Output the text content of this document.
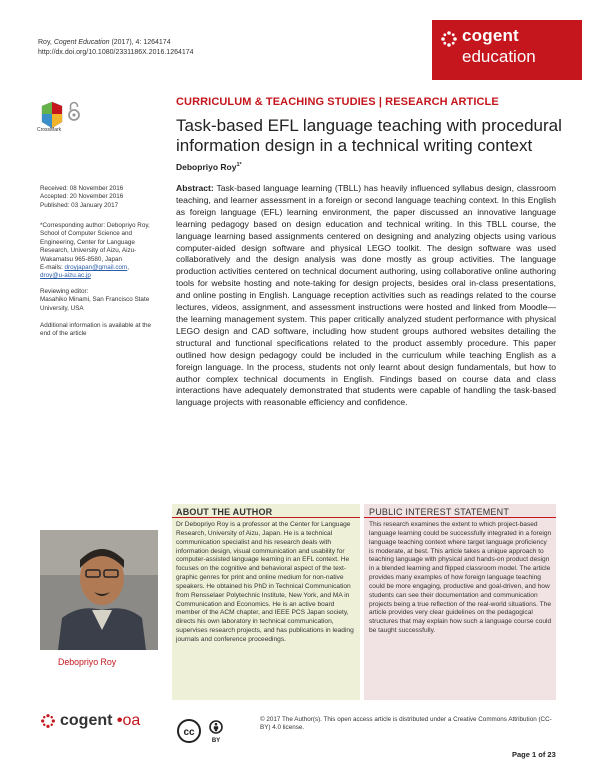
Roy, Cogent Education (2017), 4: 1264174
http://dx.doi.org/10.1080/2331186X.2016.1264174
cogent
education
CrossMark
Received: 08 November 2016
Accepted: 20 November 2016
Published: 03 January 2017
*Corresponding author: Debopriyo Roy, School of Computer Science and Engineering, Center for Language Research, University of Aizu, Aizu-Wakamatsu 965-8580, Japan
E-mails: droyjapan@gmail.com,
droy@u-aizu.ac.jp
Reviewing editor:
Masahiko Minami, San Francisco State University, USA
Additional information is available at the end of the article
CURRICULUM & TEACHING STUDIES | RESEARCH ARTICLE
Task-based EFL language teaching with procedural information design in a technical writing context
Debopriyo Roy$^{1*}$
Abstract: Task-based language learning (TBLL) has heavily influenced syllabus design, classroom teaching, and learner assessment in a foreign or second language teaching context. In this English as foreign language (EFL) learning environment, the paper discussed an innovative language learning pedagogy based on design education and technical writing. In this TBLL course, the language learning based assignments centered on designing and analyzing objects using various computer-aided design software and physical LEGO toolkit. The design software was used collaboratively and the design analysis was done mostly as group activities. The language production activities centered on technical document authoring, using collaborative online authoring tools for website hosting and note-taking for design projects, besides oral in-class presentations, and online posting in English. Language reception activities such as readings related to the course lectures, videos, assignment, and assessment instructions were hosted and linked from Moodle—the learning management system. This paper critically analyzed student performance with physical LEGO design and CAD software, including how student groups authored websites detailing the structural and functional specifications related to the product assembly procedure. This paper outlined how design pedagogy could be included in the curriculum while teaching English as a foreign language. In the process, students not only learnt about design fundamentals, but how to author complex technical documents in English. Findings based on course data and class interactions have adequately demonstrated that students were capable of handling the task-based language projects with reasonable efficiency and confidence.
Debopriyo Roy
ABOUT THE AUTHOR
Dr Debopriyo Roy is a professor at the Center for Language Research, University of Aizu, Japan. He is a technical communication specialist and his research deals with information design, visual communication and usability for computer-assisted language learning in an EFL context. He focuses on the cognitive and behavioral aspect of the text-graphic genres for print and online medium for non-native speakers. He obtained his PhD in Technical Communication from Rensselaer Polytechnic Institute, New York, and MA in Communication and Economics. He is an active board member of the ACM chapter, and IEEE PCS Japan society, directs his own laboratory in technical communication, supervises research projects, and has publications in leading journals and conference proceedings.
PUBLIC INTEREST STATEMENT
This research examines the extent to which project-based language learning could be successfully integrated in a foreign language teaching context where target language proficiency is moderate, at best. This article takes a unique approach to teaching language with physical and hands-on product design in a blended learning and flipped classroom model. The article provides many examples of how foreign language teaching could be more engaging, productive and goal-driven, and how students can see their documentation and communication projects being a true reflection of the real-world situations. The article provides very clear guidelines on the pedagogical structures that may explain how such a language course could be taught successfully.
cogent •oa
cc
BY
© 2017 The Author(s). This open access article is distributed under a Creative Commons Attribution (CC-BY) 4.0 license.
Page 1 of 23
